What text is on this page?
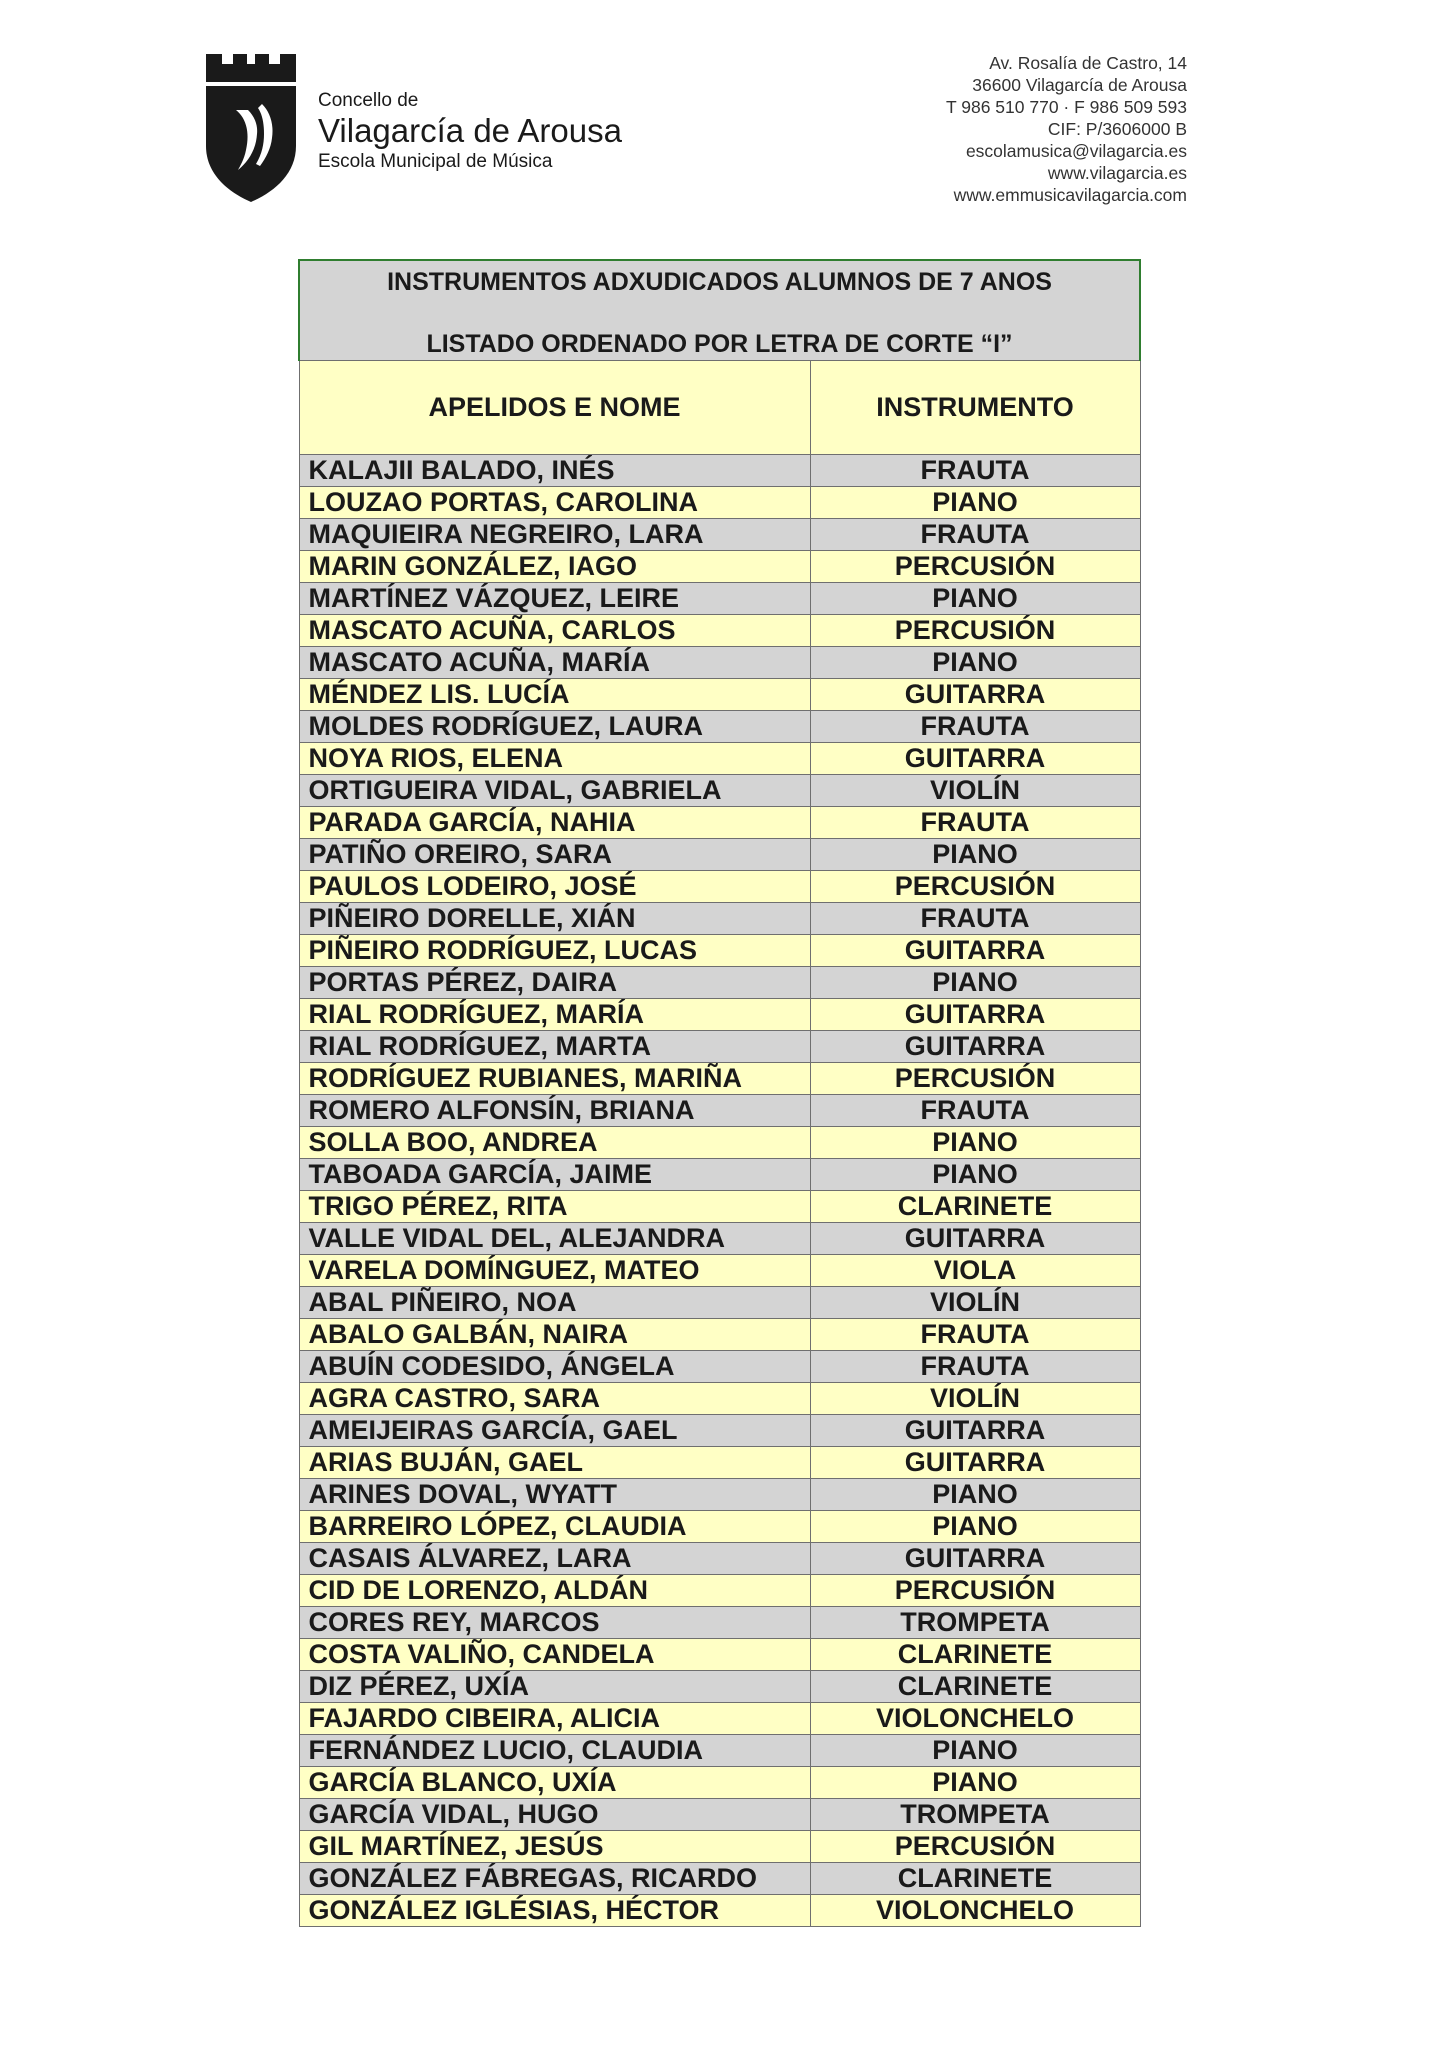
Concello de
Vilagarcía de Arousa
Escola Municipal de Música
Av. Rosalía de Castro, 14
36600 Vilagarcía de Arousa
T 986 510 770 · F 986 509 593
CIF: P/3606000 B
escolamusica@vilagarcia.es
www.vilagarcia.es
www.emmusicavilagarcia.com
INSTRUMENTOS ADXUDICADOS ALUMNOS DE 7 ANOS
LISTADO ORDENADO POR LETRA DE CORTE “I”	

APELIDOS E NOME	INSTRUMENTO
KALAJII BALADO, INÉS	FRAUTA
LOUZAO PORTAS, CAROLINA	PIANO
MAQUIEIRA NEGREIRO, LARA	FRAUTA
MARIN GONZÁLEZ, IAGO	PERCUSIÓN
MARTÍNEZ VÁZQUEZ, LEIRE	PIANO
MASCATO ACUÑA, CARLOS	PERCUSIÓN
MASCATO ACUÑA, MARÍA	PIANO
MÉNDEZ LIS. LUCÍA	GUITARRA
MOLDES RODRÍGUEZ, LAURA	FRAUTA
NOYA RIOS, ELENA	GUITARRA
ORTIGUEIRA VIDAL, GABRIELA	VIOLÍN
PARADA GARCÍA, NAHIA	FRAUTA
PATIÑO OREIRO, SARA	PIANO
PAULOS LODEIRO, JOSÉ	PERCUSIÓN
PIÑEIRO DORELLE, XIÁN	FRAUTA
PIÑEIRO RODRÍGUEZ, LUCAS	GUITARRA
PORTAS PÉREZ, DAIRA	PIANO
RIAL RODRÍGUEZ, MARÍA	GUITARRA
RIAL RODRÍGUEZ, MARTA	GUITARRA
RODRÍGUEZ RUBIANES, MARIÑA	PERCUSIÓN
ROMERO ALFONSÍN, BRIANA	FRAUTA
SOLLA BOO, ANDREA	PIANO
TABOADA GARCÍA, JAIME	PIANO
TRIGO PÉREZ, RITA	CLARINETE
VALLE VIDAL DEL, ALEJANDRA	GUITARRA
VARELA DOMÍNGUEZ, MATEO	VIOLA
ABAL PIÑEIRO, NOA	VIOLÍN
ABALO GALBÁN, NAIRA	FRAUTA
ABUÍN CODESIDO, ÁNGELA	FRAUTA
AGRA CASTRO, SARA	VIOLÍN
AMEIJEIRAS GARCÍA, GAEL	GUITARRA
ARIAS BUJÁN, GAEL	GUITARRA
ARINES DOVAL, WYATT	PIANO
BARREIRO LÓPEZ, CLAUDIA	PIANO
CASAIS ÁLVAREZ, LARA	GUITARRA
CID DE LORENZO, ALDÁN	PERCUSIÓN
CORES REY, MARCOS	TROMPETA
COSTA VALIÑO, CANDELA	CLARINETE
DIZ PÉREZ, UXÍA	CLARINETE
FAJARDO CIBEIRA, ALICIA	VIOLONCHELO
FERNÁNDEZ LUCIO, CLAUDIA	PIANO
GARCÍA BLANCO, UXÍA	PIANO
GARCÍA VIDAL, HUGO	TROMPETA
GIL MARTÍNEZ, JESÚS	PERCUSIÓN
GONZÁLEZ FÁBREGAS, RICARDO	CLARINETE
GONZÁLEZ IGLÉSIAS, HÉCTOR	VIOLONCHELO
